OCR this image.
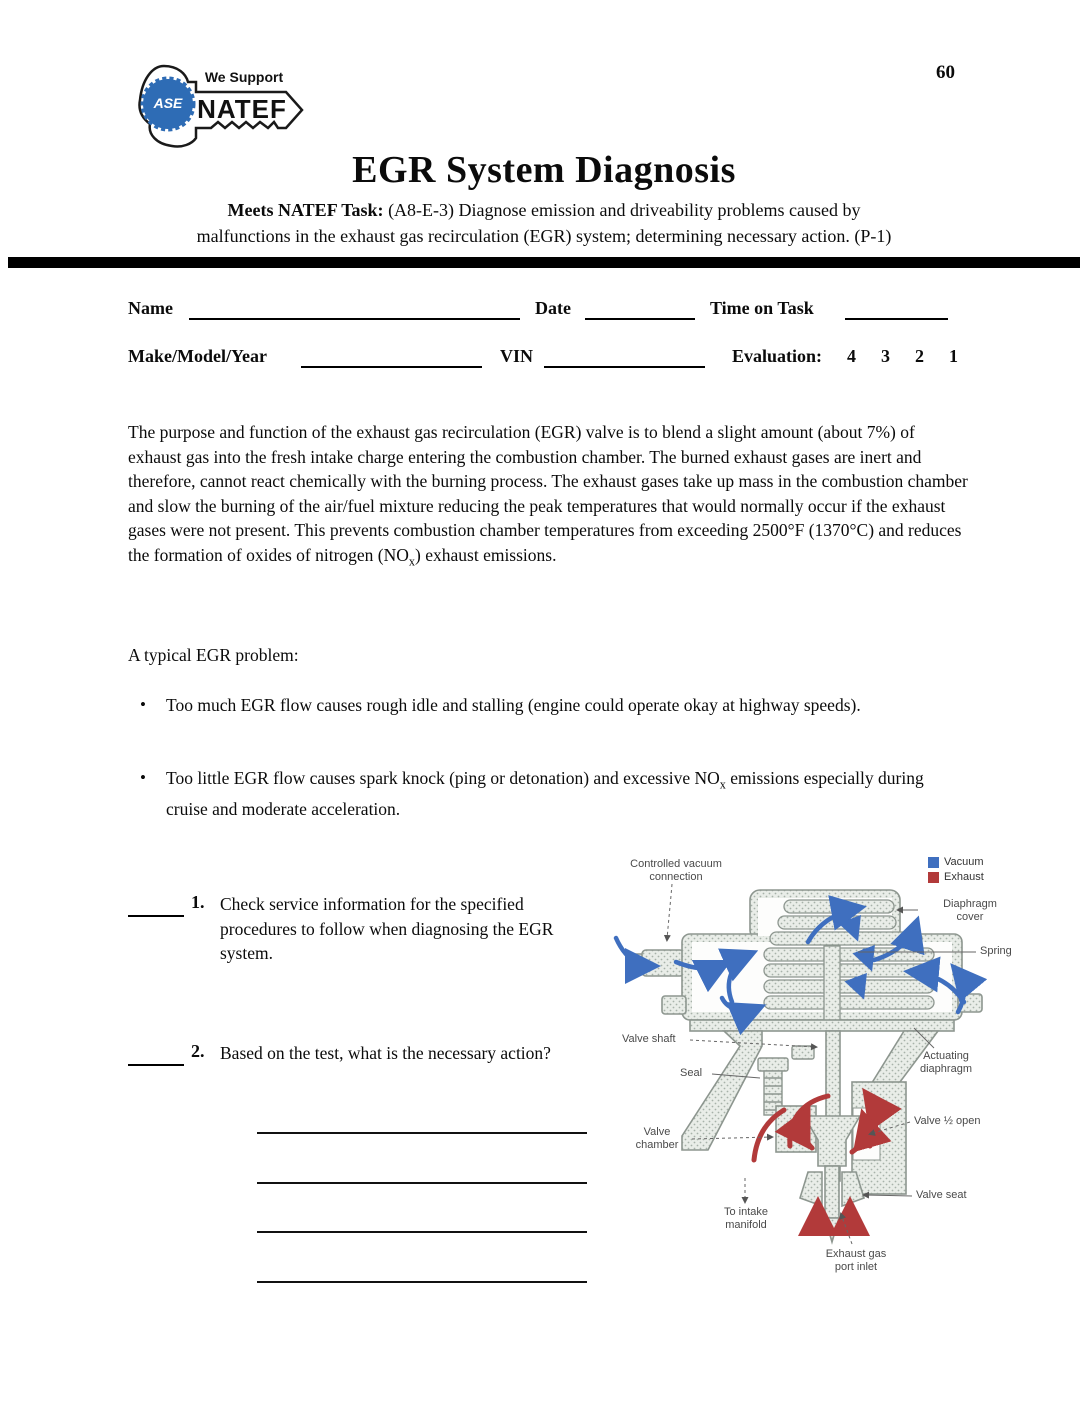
ASE
We Support
NATEF
60
EGR System Diagnosis
Meets NATEF Task: (A8-E-3) Diagnose emission and driveability problems caused by
malfunctions in the exhaust gas recirculation (EGR) system; determining necessary action. (P-1)
Name	Date	Time on Task
Make/Model/Year	VIN	Evaluation: 4 3 2 1
The purpose and function of the exhaust gas recirculation (EGR) valve is to blend a slight amount (about 7%) of exhaust gas into the fresh intake charge entering the combustion chamber. The burned exhaust gases are inert and therefore, cannot react chemically with the burning process. The exhaust gases take up mass in the combustion chamber and slow the burning of the air/fuel mixture reducing the peak temperatures that would normally occur if the exhaust gases were not present. This prevents combustion chamber temperatures from exceeding 2500°F (1370°C) and reduces the formation of oxides of nitrogen $(NO_x)$ exhaust emissions.
A typical EGR problem:
• Too much EGR flow causes rough idle and stalling (engine could operate okay at highway speeds).
• Too little EGR flow causes spark knock (ping or detonation) and excessive $NO_x$ emissions especially during cruise and moderate acceleration.
1. Check service information for the specified procedures to follow when diagnosing the EGR system.
2. Based on the test, what is the necessary action?
Vacuum
Exhaust
Controlled vacuum
connection
Diaphragm
cover
Spring
Valve shaft
Seal
Actuating
diaphragm
Valve
chamber
Valve ½ open
Valve seat
To intake
manifold
Exhaust gas
port inlet
